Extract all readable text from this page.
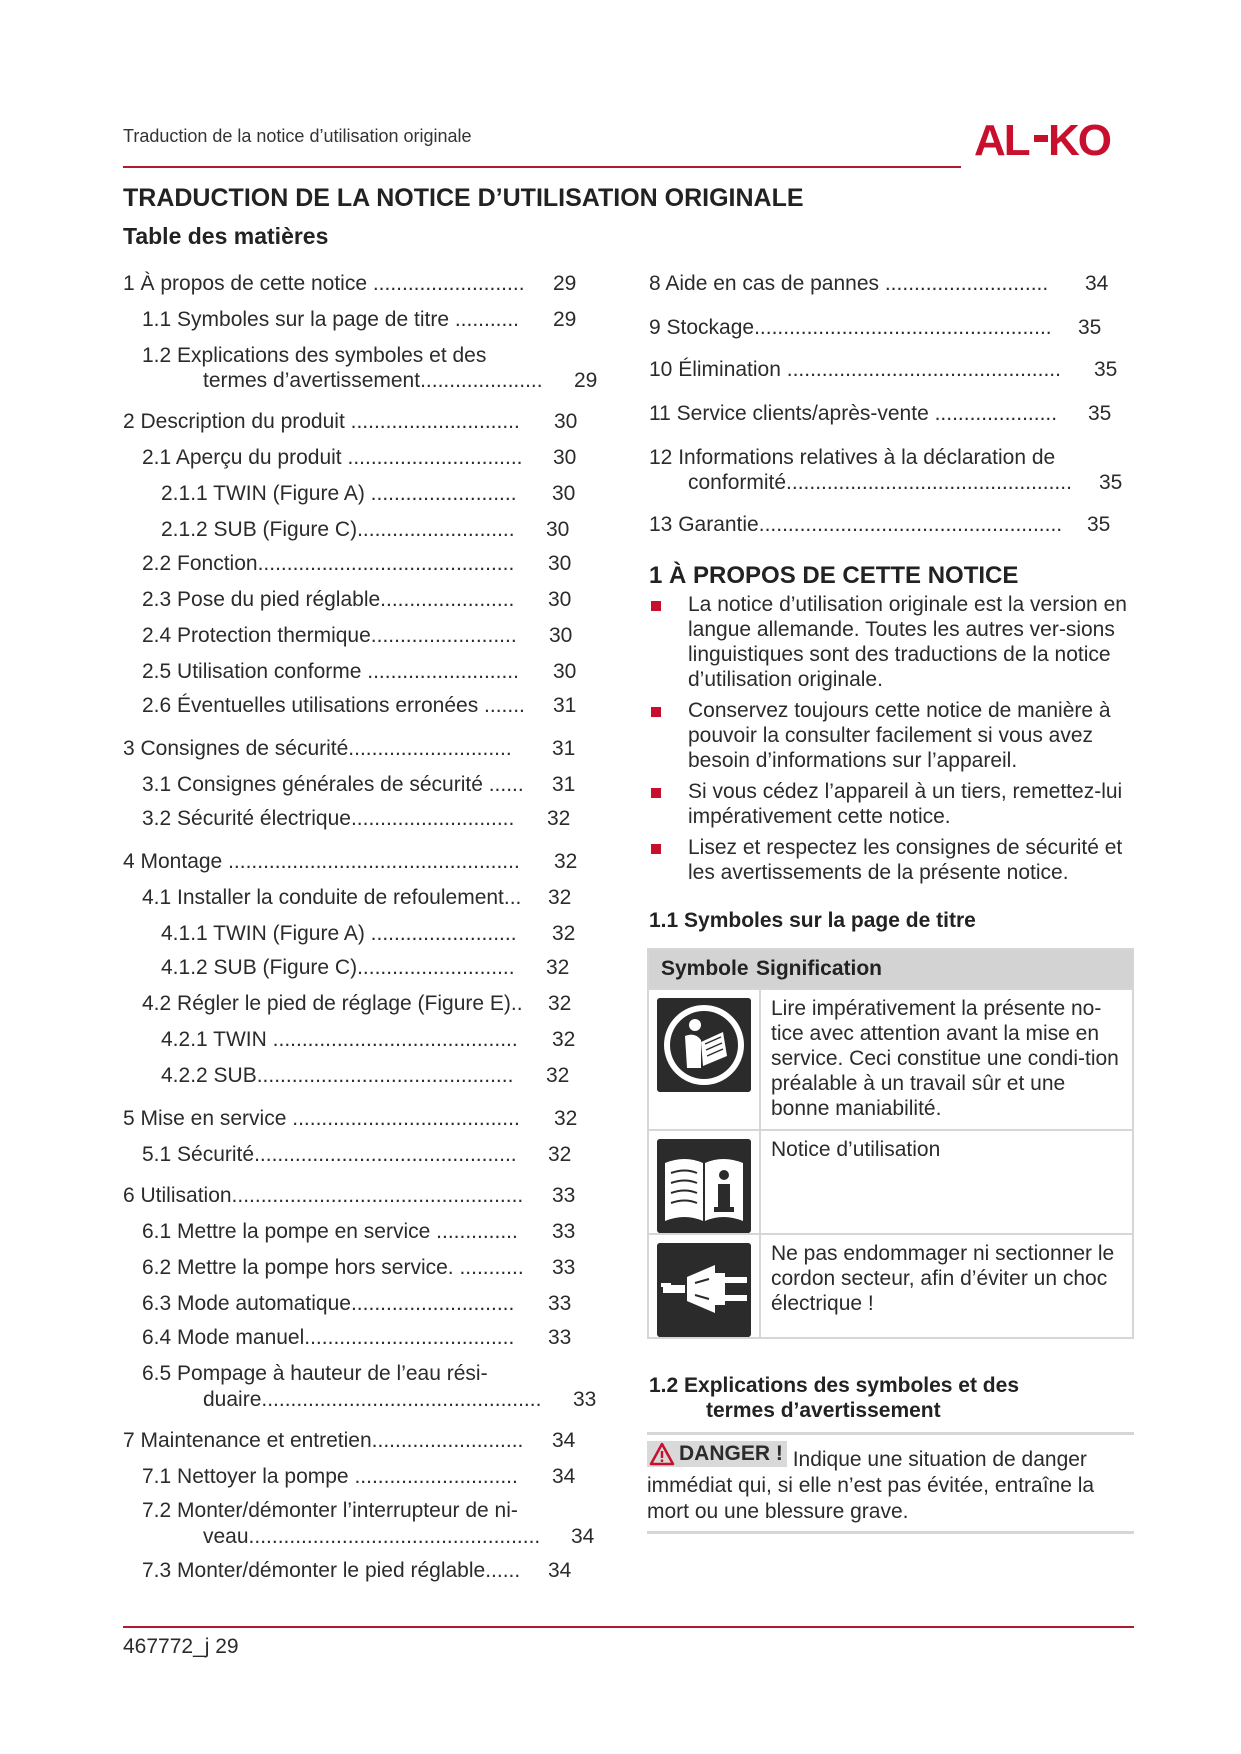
Traduction de la notice d’utilisation originale	AL KO
TRADUCTION DE LA NOTICE D’UTILISATION ORIGINALE
Table des matières
1 À propos de cette notice .......................... 29
1.1 Symboles sur la page de titre ........... 29
1.2 Explications des symboles et des
termes d’avertissement..................... 29
2 Description du produit ............................. 30
2.1 Aperçu du produit .............................. 30
2.1.1 TWIN (Figure A) ......................... 30
2.1.2 SUB (Figure C)........................... 30
2.2 Fonction............................................ 30
2.3 Pose du pied réglable....................... 30
2.4 Protection thermique......................... 30
2.5 Utilisation conforme .......................... 30
2.6 Éventuelles utilisations erronées ....... 31
3 Consignes de sécurité............................ 31
3.1 Consignes générales de sécurité ...... 31
3.2 Sécurité électrique............................ 32
4 Montage .................................................. 32
4.1 Installer la conduite de refoulement... 32
4.1.1 TWIN (Figure A) ......................... 32
4.1.2 SUB (Figure C)........................... 32
4.2 Régler le pied de réglage (Figure E).. 32
4.2.1 TWIN .......................................... 32
4.2.2 SUB............................................ 32
5 Mise en service ....................................... 32
5.1 Sécurité............................................. 32
6 Utilisation.................................................. 33
6.1 Mettre la pompe en service .............. 33
6.2 Mettre la pompe hors service. ........... 33
6.3 Mode automatique............................ 33
6.4 Mode manuel.................................... 33
6.5 Pompage à hauteur de l’eau rési-
duaire................................................ 33
7 Maintenance et entretien.......................... 34
7.1 Nettoyer la pompe ............................ 34
7.2 Monter/démonter l’interrupteur de ni-
veau.................................................. 34
7.3 Monter/démonter le pied réglable...... 34
8 Aide en cas de pannes ............................ 34
9 Stockage................................................... 35
10 Élimination ............................................... 35
11 Service clients/après-vente ..................... 35
12 Informations relatives à la déclaration de
conformité................................................. 35
13 Garantie.................................................... 35
1 À PROPOS DE CETTE NOTICE
La notice d’utilisation originale est la version en langue allemande. Toutes les autres ver-sions linguistiques sont des traductions de la notice d’utilisation originale.
Conservez toujours cette notice de manière à pouvoir la consulter facilement si vous avez besoin d’informations sur l’appareil.
Si vous cédez l’appareil à un tiers, remettez-lui impérativement cette notice.
Lisez et respectez les consignes de sécurité et les avertissements de la présente notice.
1.1 Symboles sur la page de titre
Symbole Signification
Lire impérativement la présente no-tice avec attention avant la mise en service. Ceci constitue une condi-tion préalable à un travail sûr et une bonne maniabilité.
Notice d’utilisation
Ne pas endommager ni sectionner le cordon secteur, afin d’éviter un choc électrique !
1.2 Explications des symboles et des
termes d’avertissement
DANGER ! Indique une situation de danger immédiat qui, si elle n’est pas évitée, entraîne la mort ou une blessure grave.
467772_j 29
